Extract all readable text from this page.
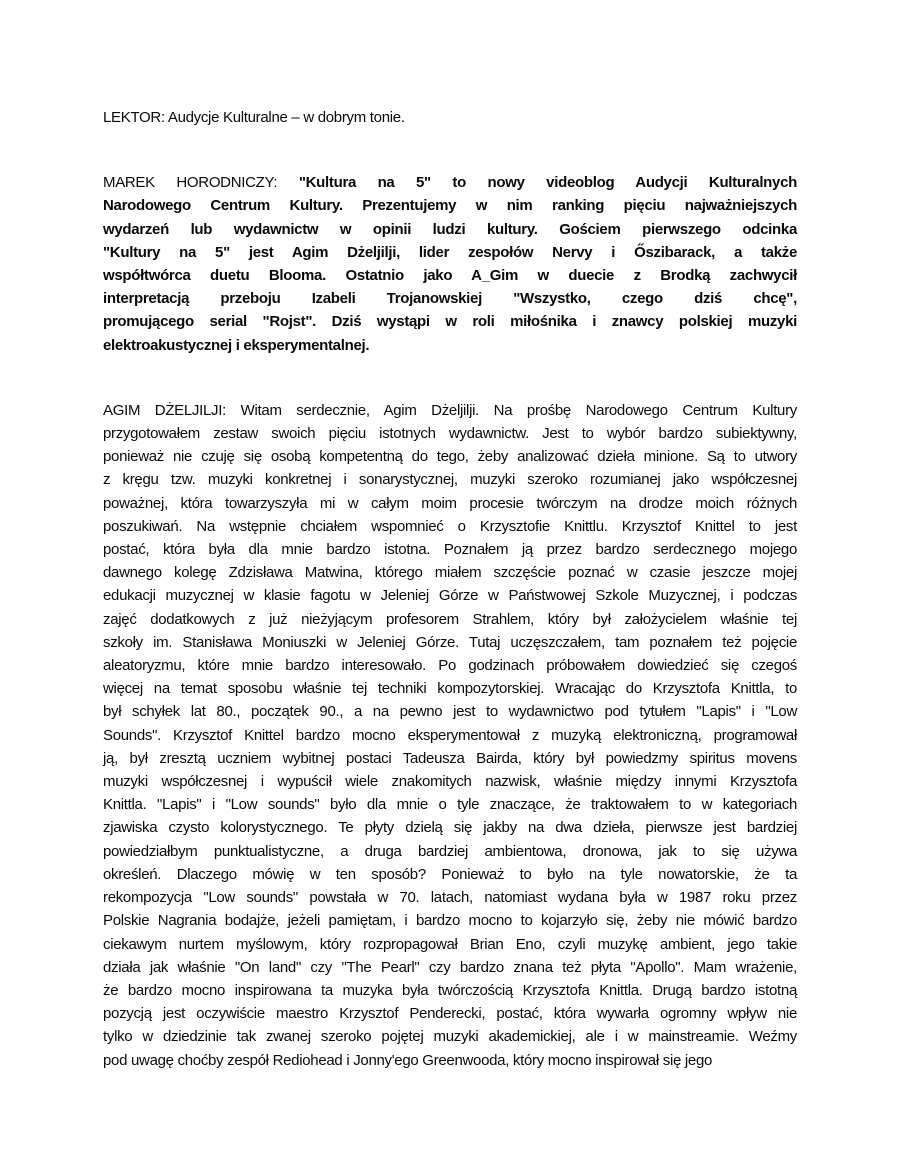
LEKTOR: Audycje Kulturalne – w dobrym tonie.
MAREK HORODNICZY: "Kultura na 5" to nowy videoblog Audycji Kulturalnych
Narodowego Centrum Kultury. Prezentujemy w nim ranking pięciu najważniejszych
wydarzeń lub wydawnictw w opinii ludzi kultury. Gościem pierwszego odcinka
"Kultury na 5" jest Agim Dżeljilji, lider zespołów Nervy i Őszibarack, a także
współtwórca duetu Blooma. Ostatnio jako A_Gim w duecie z Brodką zachwycił
interpretacją przeboju Izabeli Trojanowskiej "Wszystko, czego dziś chcę",
promującego serial "Rojst". Dziś wystąpi w roli miłośnika i znawcy polskiej muzyki
elektroakustycznej i eksperymentalnej.
AGIM DŻELJILJI: Witam serdecznie, Agim Dżeljilji. Na prośbę Narodowego Centrum Kultury
przygotowałem zestaw swoich pięciu istotnych wydawnictw. Jest to wybór bardzo subiektywny,
ponieważ nie czuję się osobą kompetentną do tego, żeby analizować dzieła minione. Są to utwory
z kręgu tzw. muzyki konkretnej i sonarystycznej, muzyki szeroko rozumianej jako współczesnej
poważnej, która towarzyszyła mi w całym moim procesie twórczym na drodze moich różnych
poszukiwań. Na wstępnie chciałem wspomnieć o Krzysztofie Knittlu. Krzysztof Knittel to jest
postać, która była dla mnie bardzo istotna. Poznałem ją przez bardzo serdecznego mojego
dawnego kolegę Zdzisława Matwina, którego miałem szczęście poznać w czasie jeszcze mojej
edukacji muzycznej w klasie fagotu w Jeleniej Górze w Państwowej Szkole Muzycznej, i podczas
zajęć dodatkowych z już nieżyjącym profesorem Strahlem, który był założycielem właśnie tej
szkoły im. Stanisława Moniuszki w Jeleniej Górze. Tutaj uczęszczałem, tam poznałem też pojęcie
aleatoryzmu, które mnie bardzo interesowało. Po godzinach próbowałem dowiedzieć się czegoś
więcej na temat sposobu właśnie tej techniki kompozytorskiej. Wracając do Krzysztofa Knittla, to
był schyłek lat 80., początek 90., a na pewno jest to wydawnictwo pod tytułem "Lapis" i "Low
Sounds". Krzysztof Knittel bardzo mocno eksperymentował z muzyką elektroniczną, programował
ją, był zresztą uczniem wybitnej postaci Tadeusza Bairda, który był powiedzmy spiritus movens
muzyki współczesnej i wypuścił wiele znakomitych nazwisk, właśnie między innymi Krzysztofa
Knittla. "Lapis" i "Low sounds" było dla mnie o tyle znaczące, że traktowałem to w kategoriach
zjawiska czysto kolorystycznego. Te płyty dzielą się jakby na dwa dzieła, pierwsze jest bardziej
powiedziałbym punktualistyczne, a druga bardziej ambientowa, dronowa, jak to się używa
określeń. Dlaczego mówię w ten sposób? Ponieważ to było na tyle nowatorskie, że ta
rekompozycja "Low sounds" powstała w 70. latach, natomiast wydana była w 1987 roku przez
Polskie Nagrania bodajże, jeżeli pamiętam, i bardzo mocno to kojarzyło się, żeby nie mówić bardzo
ciekawym nurtem myślowym, który rozpropagował Brian Eno, czyli muzykę ambient, jego takie
działa jak właśnie "On land" czy "The Pearl" czy bardzo znana też płyta "Apollo". Mam wrażenie,
że bardzo mocno inspirowana ta muzyka była twórczością Krzysztofa Knittla. Drugą bardzo istotną
pozycją jest oczywiście maestro Krzysztof Penderecki, postać, która wywarła ogromny wpływ nie
tylko w dziedzinie tak zwanej szeroko pojętej muzyki akademickiej, ale i w mainstreamie. Weźmy
pod uwagę choćby zespół Rediohead i Jonny'ego Greenwooda, który mocno inspirował się jego
